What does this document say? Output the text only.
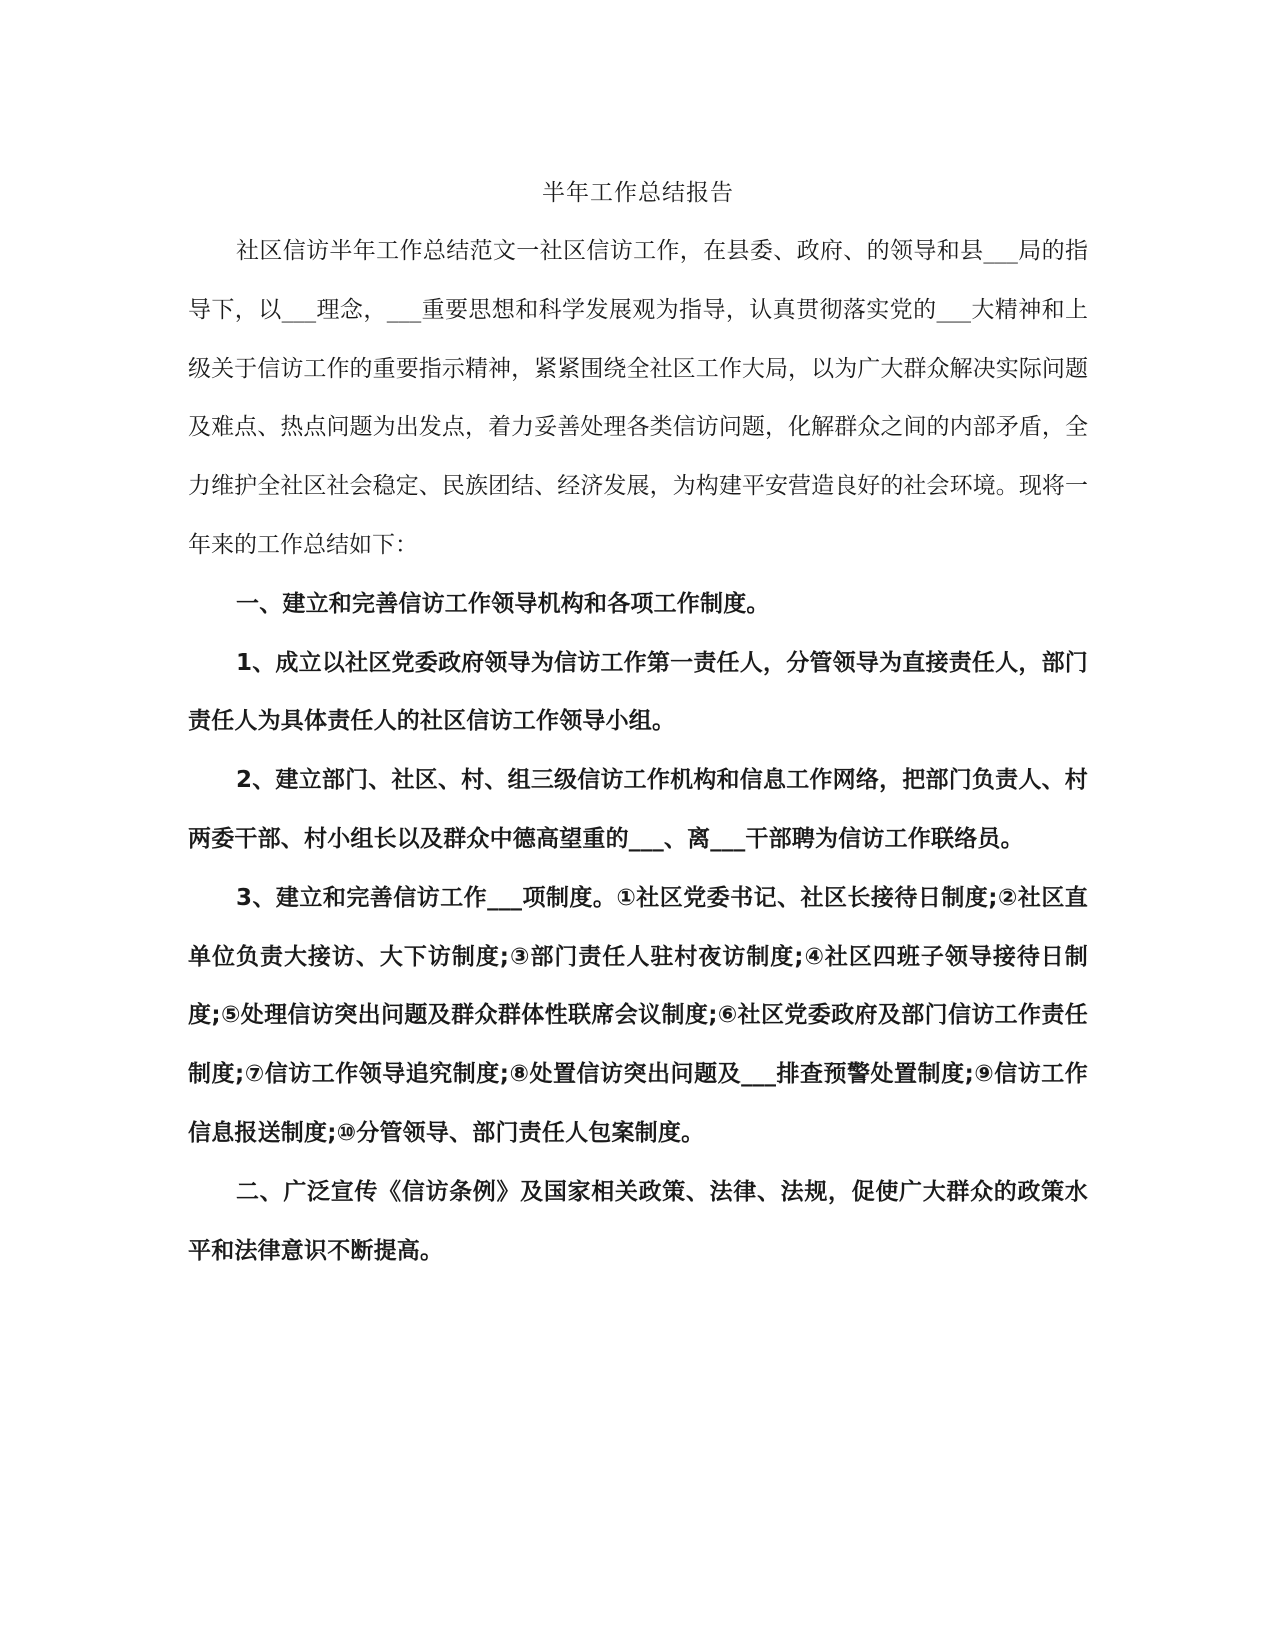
半年工作总结报告

社区信访半年工作总结范文一社区信访工作，在县委、政府、的领导和县___局的指导下，以___理念，___重要思想和科学发展观为指导，认真贯彻落实党的___大精神和上级关于信访工作的重要指示精神，紧紧围绕全社区工作大局，以为广大群众解决实际问题及难点、热点问题为出发点，着力妥善处理各类信访问题，化解群众之间的内部矛盾，全力维护全社区社会稳定、民族团结、经济发展，为构建平安营造良好的社会环境。现将一年来的工作总结如下：

一、建立和完善信访工作领导机构和各项工作制度。

1、成立以社区党委政府领导为信访工作第一责任人，分管领导为直接责任人，部门责任人为具体责任人的社区信访工作领导小组。

2、建立部门、社区、村、组三级信访工作机构和信息工作网络，把部门负责人、村两委干部、村小组长以及群众中德高望重的___、离___干部聘为信访工作联络员。

3、建立和完善信访工作___项制度。①社区党委书记、社区长接待日制度;②社区直单位负责大接访、大下访制度;③部门责任人驻村夜访制度;④社区四班子领导接待日制度;⑤处理信访突出问题及群众群体性联席会议制度;⑥社区党委政府及部门信访工作责任制度;⑦信访工作领导追究制度;⑧处置信访突出问题及___排查预警处置制度;⑨信访工作信息报送制度;⑩分管领导、部门责任人包案制度。

二、广泛宣传《信访条例》及国家相关政策、法律、法规，促使广大群众的政策水平和法律意识不断提高。
